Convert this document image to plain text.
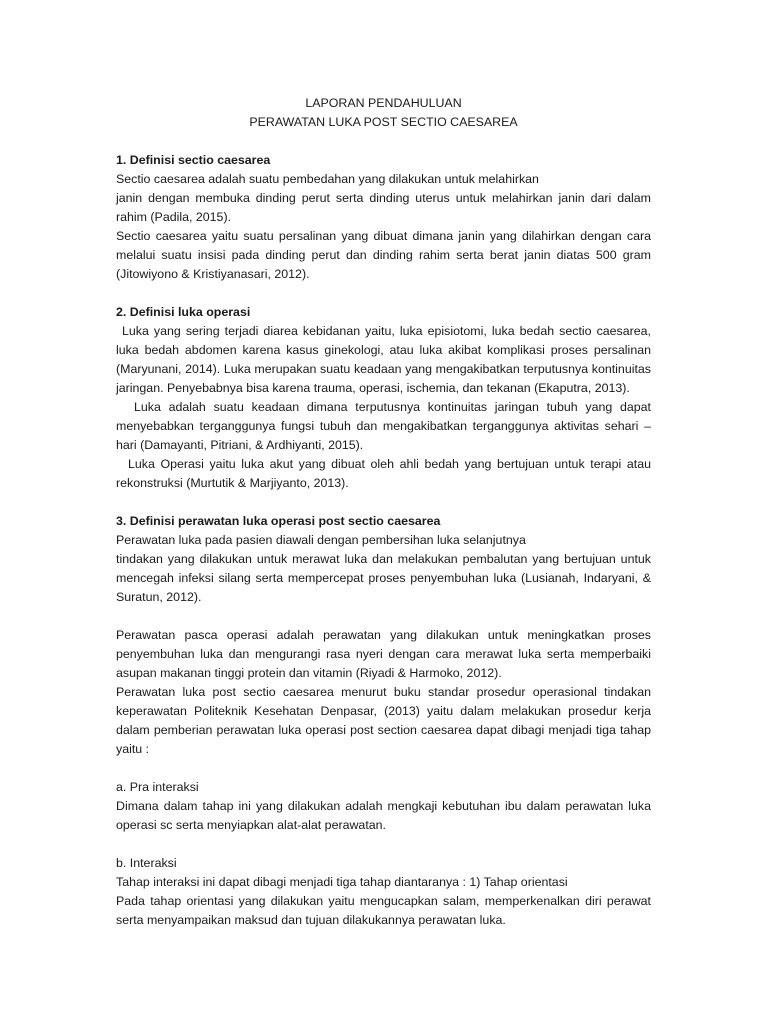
LAPORAN PENDAHULUAN

PERAWATAN LUKA POST SECTIO CAESAREA

1. Definisi sectio caesarea

Sectio caesarea adalah suatu pembedahan yang dilakukan untuk melahirkan

janin dengan membuka dinding perut serta dinding uterus untuk melahirkan janin dari dalam rahim (Padila, 2015).

Sectio caesarea yaitu suatu persalinan yang dibuat dimana janin yang dilahirkan dengan cara melalui suatu insisi pada dinding perut dan dinding rahim serta berat janin diatas 500 gram (Jitowiyono & Kristiyanasari, 2012).

2. Definisi luka operasi

Luka yang sering terjadi diarea kebidanan yaitu, luka episiotomi, luka bedah sectio caesarea, luka bedah abdomen karena kasus ginekologi, atau luka akibat komplikasi proses persalinan (Maryunani, 2014). Luka merupakan suatu keadaan yang mengakibatkan terputusnya kontinuitas jaringan. Penyebabnya bisa karena trauma, operasi, ischemia, dan tekanan (Ekaputra, 2013).

Luka adalah suatu keadaan dimana terputusnya kontinuitas jaringan tubuh yang dapat menyebabkan terganggunya fungsi tubuh dan mengakibatkan terganggunya aktivitas sehari – hari (Damayanti, Pitriani, & Ardhiyanti, 2015).

Luka Operasi yaitu luka akut yang dibuat oleh ahli bedah yang bertujuan untuk terapi atau rekonstruksi (Murtutik & Marjiyanto, 2013).

3. Definisi perawatan luka operasi post sectio caesarea

Perawatan luka pada pasien diawali dengan pembersihan luka selanjutnya

tindakan yang dilakukan untuk merawat luka dan melakukan pembalutan yang bertujuan untuk mencegah infeksi silang serta mempercepat proses penyembuhan luka (Lusianah, Indaryani, & Suratun, 2012).

Perawatan pasca operasi adalah perawatan yang dilakukan untuk meningkatkan proses penyembuhan luka dan mengurangi rasa nyeri dengan cara merawat luka serta memperbaiki asupan makanan tinggi protein dan vitamin (Riyadi & Harmoko, 2012).

Perawatan luka post sectio caesarea menurut buku standar prosedur operasional tindakan keperawatan Politeknik Kesehatan Denpasar, (2013) yaitu dalam melakukan prosedur kerja dalam pemberian perawatan luka operasi post section caesarea dapat dibagi menjadi tiga tahap yaitu :

a. Pra interaksi

Dimana dalam tahap ini yang dilakukan adalah mengkaji kebutuhan ibu dalam perawatan luka operasi sc serta menyiapkan alat-alat perawatan.

b. Interaksi

Tahap interaksi ini dapat dibagi menjadi tiga tahap diantaranya : 1) Tahap orientasi

Pada tahap orientasi yang dilakukan yaitu mengucapkan salam, memperkenalkan diri perawat serta menyampaikan maksud dan tujuan dilakukannya perawatan luka.
